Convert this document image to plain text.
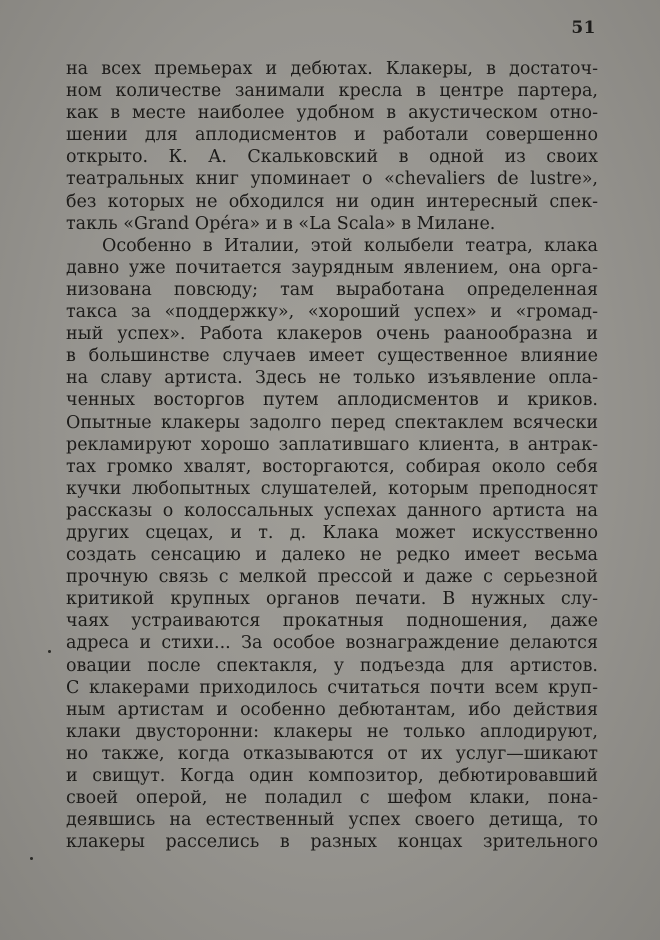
51
на всех премьерах и дебютах. Клакеры, в достаточ-
ном количестве занимали кресла в центре партера,
как в месте наиболее удобном в акустическом отно-
шении для аплодисментов и работали совершенно
открыто. К. А. Скальковский в одной из своих
театральных книг упоминает о «chevaliers de lustre»,
без которых не обходился ни один интересный спек-
такль «Grand Opéra» и в «La Scala» в Милане.
Особенно в Италии, этой колыбели театра, клака
давно уже почитается заурядным явлением, она орга-
низована повсюду; там выработана определенная
такса за «поддержку», «хороший успех» и «громад-
ный успех». Работа клакеров очень раанообразна и
в большинстве случаев имеет существенное влияние
на славу артиста. Здесь не только изъявление опла-
ченных восторгов путем аплодисментов и криков.
Опытные клакеры задолго перед спектаклем всячески
рекламируют хорошо заплатившаго клиента, в антрак-
тах громко хвалят, восторгаются, собирая около себя
кучки любопытных слушателей, которым преподносят
рассказы о колоссальных успехах данного артиста на
других сцецах, и т. д. Клака может искусственно
создать сенсацию и далеко не редко имеет весьма
прочную связь с мелкой прессой и даже с серьезной
критикой крупных органов печати. В нужных слу-
чаях устраиваются прокатныя подношения, даже
адреса и стихи... За особое вознаграждение делаются
овации после спектакля, у подъезда для артистов.
С клакерами приходилось считаться почти всем круп-
ным артистам и особенно дебютантам, ибо действия
клаки двусторонни: клакеры не только аплодируют,
но также, когда отказываются от их услуг—шикают
и свищут. Когда один композитор, дебютировавший
своей оперой, не поладил с шефом клаки, пона-
деявшись на естественный успех своего детища, то
клакеры расселись в разных концах зрительного
